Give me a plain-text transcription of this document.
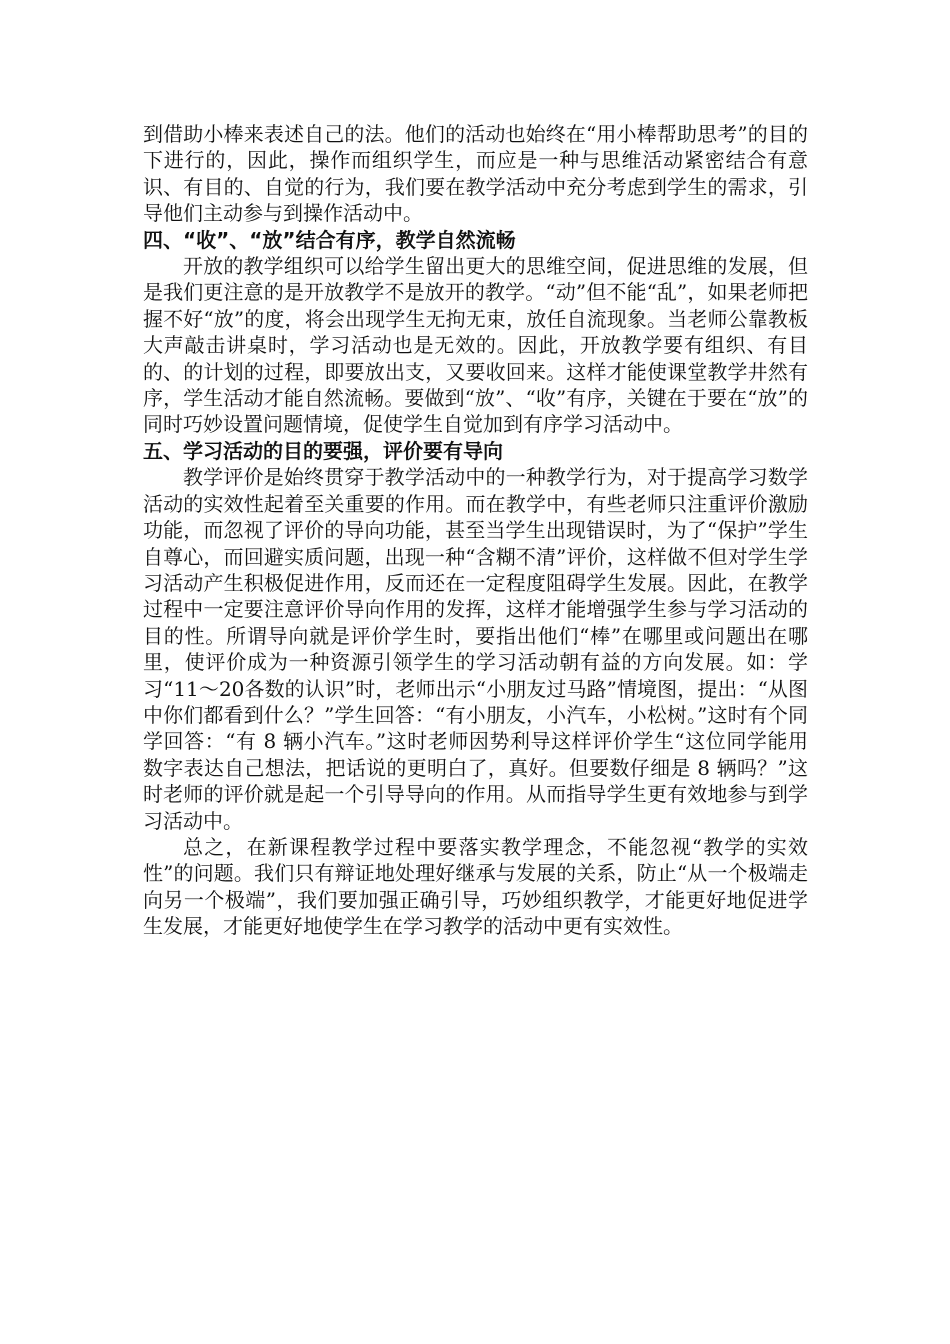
到借助小棒来表述自己的法。他们的活动也始终在“用小棒帮助思考”的目的下进行的，因此，操作而组织学生，而应是一种与思维活动紧密结合有意识、有目的、自觉的行为，我们要在教学活动中充分考虑到学生的需求，引导他们主动参与到操作活动中。

四、“收”、“放”结合有序，教学自然流畅

开放的教学组织可以给学生留出更大的思维空间，促进思维的发展，但是我们更注意的是开放教学不是放开的教学。“动”但不能“乱”，如果老师把握不好“放”的度，将会出现学生无拘无束，放任自流现象。当老师公靠教板大声敲击讲桌时，学习活动也是无效的。因此，开放教学要有组织、有目的、的计划的过程，即要放出支，又要收回来。这样才能使课堂教学井然有序，学生活动才能自然流畅。要做到“放”、“收”有序，关键在于要在“放”的同时巧妙设置问题情境，促使学生自觉加到有序学习活动中。

五、学习活动的目的要强，评价要有导向

教学评价是始终贯穿于教学活动中的一种教学行为，对于提高学习数学活动的实效性起着至关重要的作用。而在教学中，有些老师只注重评价激励功能，而忽视了评价的导向功能，甚至当学生出现错误时，为了“保护”学生自尊心，而回避实质问题，出现一种“含糊不清”评价，这样做不但对学生学习活动产生积极促进作用，反而还在一定程度阻碍学生发展。因此，在教学过程中一定要注意评价导向作用的发挥，这样才能增强学生参与学习活动的目的性。所谓导向就是评价学生时，要指出他们“棒”在哪里或问题出在哪里，使评价成为一种资源引领学生的学习活动朝有益的方向发展。如：学习“11～20各数的认识”时，老师出示“小朋友过马路”情境图，提出：“从图中你们都看到什么？”学生回答：“有小朋友，小汽车，小松树。”这时有个同学回答：“有 8 辆小汽车。”这时老师因势利导这样评价学生“这位同学能用数字表达自己想法，把话说的更明白了，真好。但要数仔细是 8 辆吗？”这时老师的评价就是起一个引导导向的作用。从而指导学生更有效地参与到学习活动中。

总之，在新课程教学过程中要落实教学理念，不能忽视“教学的实效性”的问题。我们只有辩证地处理好继承与发展的关系，防止“从一个极端走向另一个极端”，我们要加强正确引导，巧妙组织教学，才能更好地促进学生发展，才能更好地使学生在学习教学的活动中更有实效性。
